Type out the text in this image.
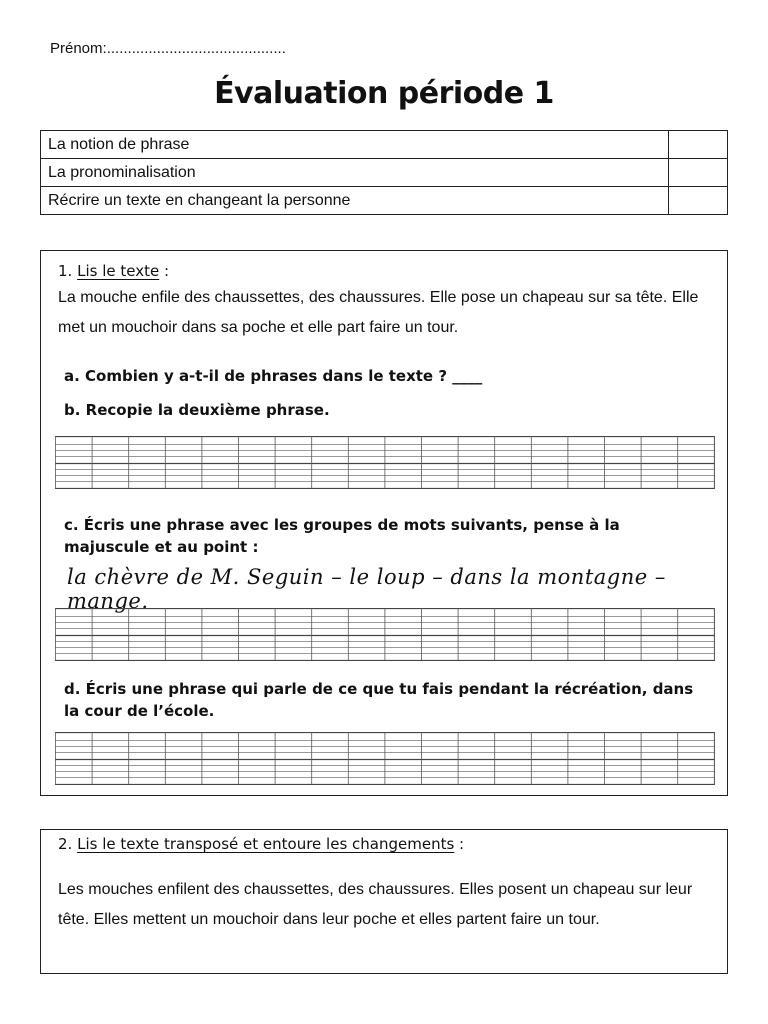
Prénom:...........................................
Évaluation période 1
La notion de phrase	
La pronominalisation	
Récrire un texte en changeant la personne	
1. Lis le texte :
La mouche enfile des chaussettes, des chaussures. Elle pose un chapeau sur sa tête. Elle met un mouchoir dans sa poche et elle part faire un tour.
a. Combien y a-t-il de phrases dans le texte ? ____
b. Recopie la deuxième phrase.
c. Écris une phrase avec les groupes de mots suivants, pense à la majuscule et au point :
la chèvre de M. Seguin – le loup – dans la montagne – mange.
d. Écris une phrase qui parle de ce que tu fais pendant la récréation, dans la cour de l’école.
2. Lis le texte transposé et entoure les changements :
Les mouches enfilent des chaussettes, des chaussures. Elles posent un chapeau sur leur tête. Elles mettent un mouchoir dans leur poche et elles partent faire un tour.
